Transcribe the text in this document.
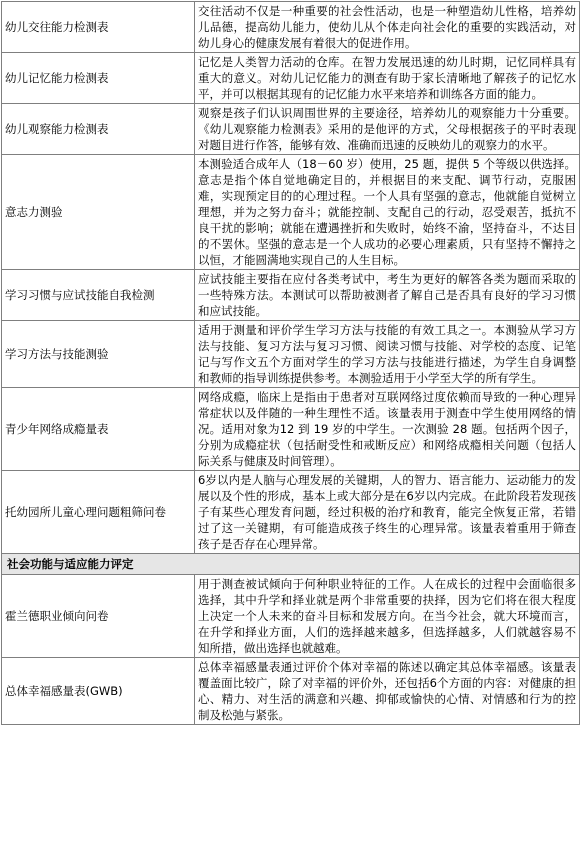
幼儿交往能力检测表	交往活动不仅是一种重要的社会性活动，也是一种塑造幼儿性格，培养幼儿品德，提高幼儿能力，使幼儿从个体走向社会化的重要的实践活动，对幼儿身心的健康发展有着很大的促进作用。
幼儿记忆能力检测表	记忆是人类智力活动的仓库。在智力发展迅速的幼儿时期，记忆同样具有重大的意义。对幼儿记忆能力的测查有助于家长清晰地了解孩子的记忆水平，并可以根据其现有的记忆能力水平来培养和训练各方面的能力。
幼儿观察能力检测表	观察是孩子们认识周围世界的主要途径，培养幼儿的观察能力十分重要。《幼儿观察能力检测表》采用的是他评的方式，父母根据孩子的平时表现对题目进行作答，能够有效、准确而迅速的反映幼儿的观察力的水平。
意志力测验	本测验适合成年人（18－60 岁）使用，25 题，提供 5 个等级以供选择。意志是指个体自觉地确定目的，并根据目的来支配、调节行动，克服困难，实现预定目的的心理过程。一个人具有坚强的意志，他就能自觉树立理想，并为之努力奋斗；就能控制、支配自己的行动，忍受艰苦，抵抗不良干扰的影响；就能在遭遇挫折和失败时，始终不渝，坚持奋斗，不达目的不罢休。坚强的意志是一个人成功的必要心理素质，只有坚持不懈持之以恒，才能圆满地实现自己的人生目标。
学习习惯与应试技能自我检测	应试技能主要指在应付各类考试中，考生为更好的解答各类为题而采取的一些特殊方法。本测试可以帮助被测者了解自己是否具有良好的学习习惯和应试技能。
学习方法与技能测验	适用于测量和评价学生学习方法与技能的有效工具之一。本测验从学习方法与技能、复习方法与复习习惯、阅读习惯与技能、对学校的态度、记笔记与写作文五个方面对学生的学习方法与技能进行描述，为学生自身调整和教师的指导训练提供参考。本测验适用于小学至大学的所有学生。
青少年网络成瘾量表	网络成瘾，临床上是指由于患者对互联网络过度依赖而导致的一种心理异常症状以及伴随的一种生理性不适。该量表用于测查中学生使用网络的情况。适用对象为12 到 19 岁的中学生。一次测验 28 题。包括两个因子，分别为成瘾症状（包括耐受性和戒断反应）和网络成瘾相关问题（包括人际关系与健康及时间管理）。
托幼园所儿童心理问题粗筛问卷	6岁以内是人脑与心理发展的关键期，人的智力、语言能力、运动能力的发展以及个性的形成，基本上或大部分是在6岁以内完成。在此阶段若发现孩子有某些心理发育问题，经过积极的治疗和教育，能完全恢复正常，若错过了这一关键期，有可能造成孩子终生的心理异常。该量表着重用于筛查孩子是否存在心理异常。
社会功能与适应能力评定	
霍兰德职业倾向问卷	用于测查被试倾向于何种职业特征的工作。人在成长的过程中会面临很多选择，其中升学和择业就是两个非常重要的抉择，因为它们将在很大程度上决定一个人未来的奋斗目标和发展方向。在当今社会，就大环境而言，在升学和择业方面，人们的选择越来越多，但选择越多，人们就越容易不知所措，做出选择也就越难。
总体幸福感量表(GWB)	总体幸福感量表通过评价个体对幸福的陈述以确定其总体幸福感。该量表覆盖面比较广，除了对幸福的评价外，还包括6个方面的内容：对健康的担心、精力、对生活的满意和兴趣、抑郁或愉快的心情、对情感和行为的控制及松弛与紧张。
